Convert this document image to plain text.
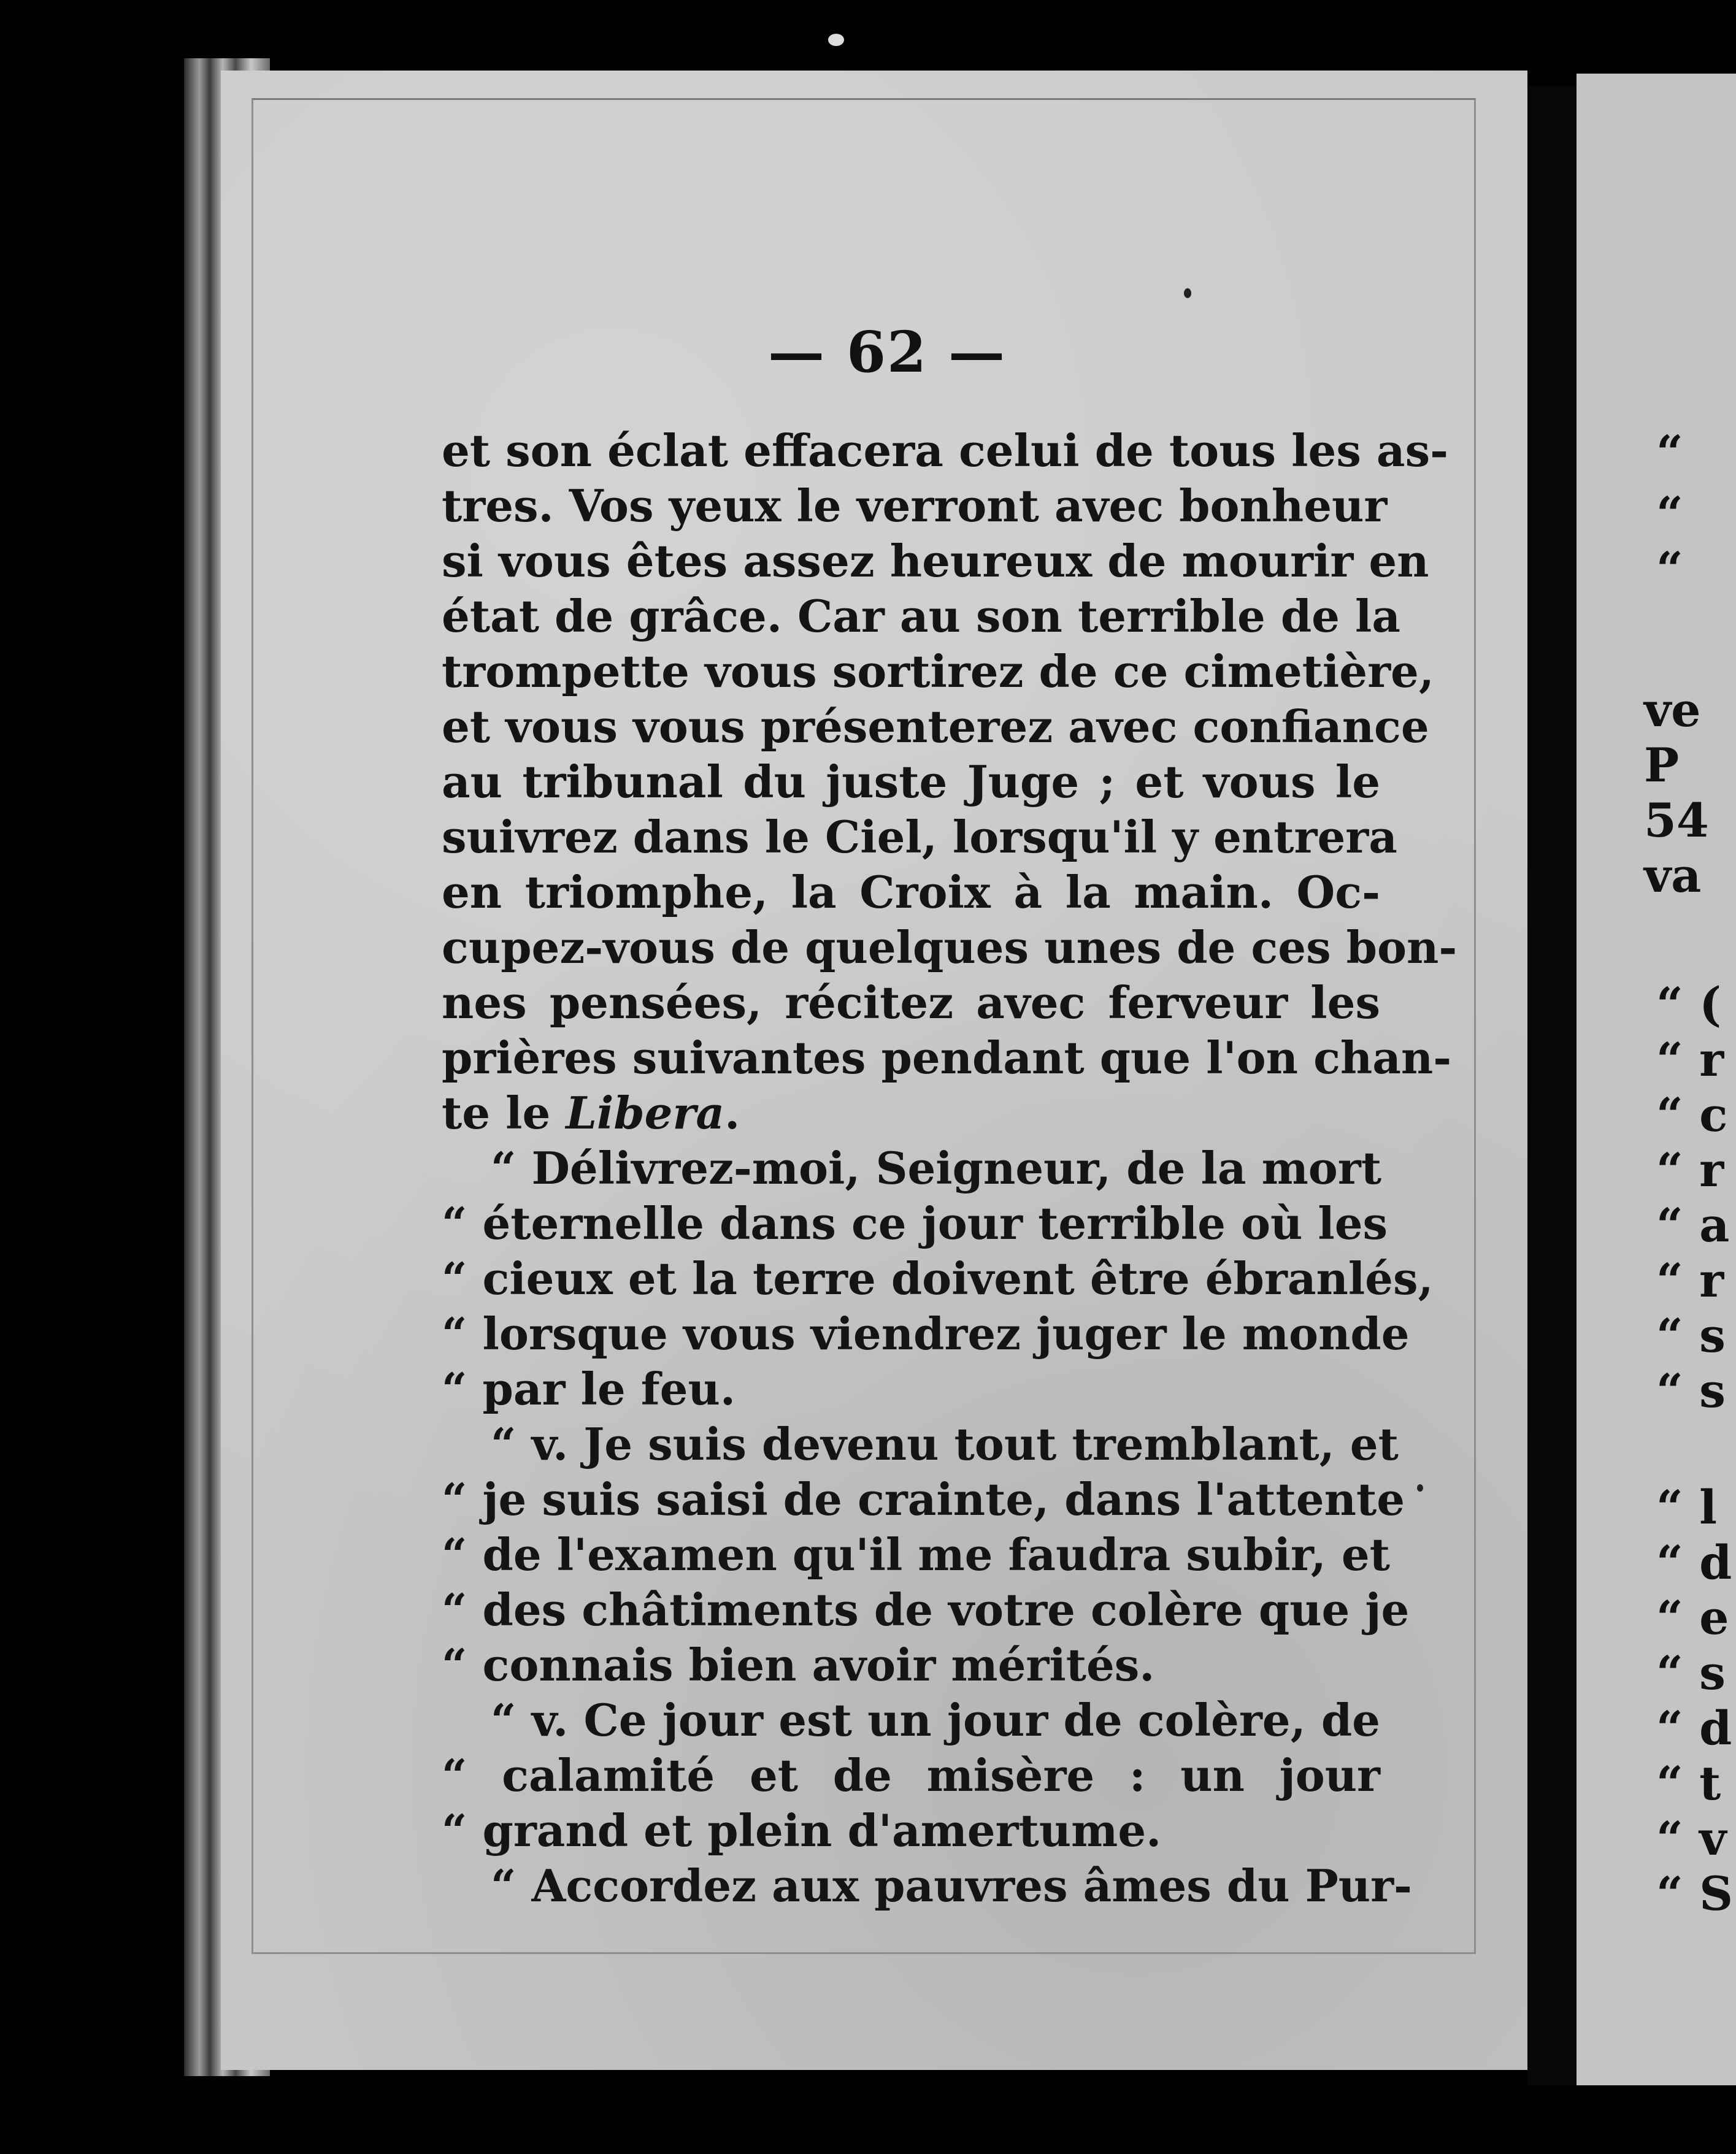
— 62 —
et son éclat effacera celui de tous les as-
tres. Vos yeux le verront avec bonheur
si vous êtes assez heureux de mourir en
état de grâce. Car au son terrible de la
trompette vous sortirez de ce cimetière,
et vous vous présenterez avec confiance
au tribunal du juste Juge ; et vous le
suivrez dans le Ciel, lorsqu'il y entrera
en triomphe, la Croix à la main. Oc-
cupez-vous de quelques unes de ces bon-
nes pensées, récitez avec ferveur les
prières suivantes pendant que l'on chan-
te le Libera.
“ Délivrez-moi, Seigneur, de la mort
“ éternelle dans ce jour terrible où les
“ cieux et la terre doivent être ébranlés,
“ lorsque vous viendrez juger le monde
“ par le feu.
“ v. Je suis devenu tout tremblant, et
“ je suis saisi de crainte, dans l'attente
“ de l'examen qu'il me faudra subir, et
“ des châtiments de votre colère que je
“ connais bien avoir mérités.
“ v. Ce jour est un jour de colère, de
“ calamité et de misère : un jour
“ grand et plein d'amertume.
“ Accordez aux pauvres âmes du Pur-
“
“
“
ve
P
54
va
“ (
“ r
“ c
“ r
“ a
“ r
“ s
“ s
“ l
“ d
“ e
“ s
“ d
“ t
“ v
“ S
